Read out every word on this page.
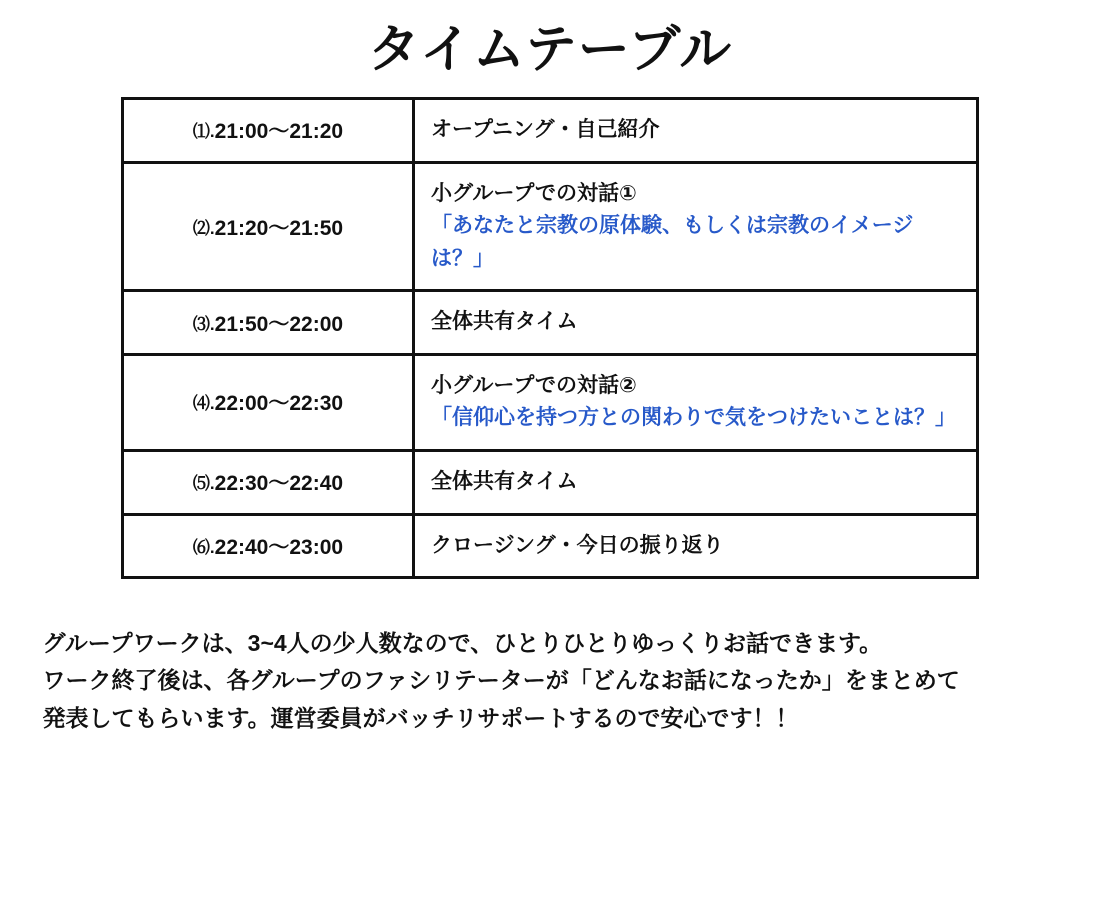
タイムテーブル
⑴.21:00〜21:20	オープニング・自己紹介

⑵.21:20〜21:50	小グループでの対話①
「あなたと宗教の原体験、もしくは宗教のイメージは？」

⑶.21:50〜22:00	全体共有タイム

⑷.22:00〜22:30	小グループでの対話②
「信仰心を持つ方との関わりで気をつけたいことは？」

⑸.22:30〜22:40	全体共有タイム

⑹.22:40〜23:00	クロージング・今日の振り返り
グループワークは、3~4人の少人数なので、ひとりひとりゆっくりお話できます。
ワーク終了後は、各グループのファシリテーターが「どんなお話になったか」をまとめて
発表してもらいます。運営委員がバッチリサポートするので安心です！！
